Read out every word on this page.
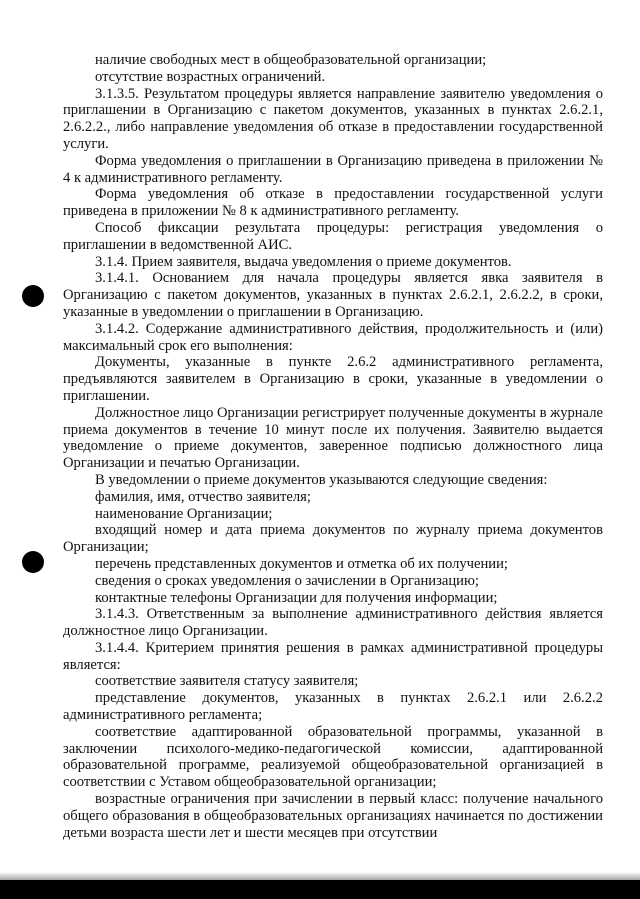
наличие свободных мест в общеобразовательной организации;

отсутствие возрастных ограничений.

3.1.3.5. Результатом процедуры является направление заявителю уведомления о приглашении в Организацию с пакетом документов, указанных в пунктах 2.6.2.1, 2.6.2.2., либо направление уведомления об отказе в предоставлении государственной услуги.

Форма уведомления о приглашении в Организацию приведена в приложении № 4 к административного регламенту.

Форма уведомления об отказе в предоставлении государственной услуги приведена в приложении № 8 к административного регламенту.

Способ фиксации результата процедуры: регистрация уведомления о приглашении в ведомственной АИС.

3.1.4. Прием заявителя, выдача уведомления о приеме документов.

3.1.4.1. Основанием для начала процедуры является явка заявителя в Организацию с пакетом документов, указанных в пунктах 2.6.2.1, 2.6.2.2, в сроки, указанные в уведомлении о приглашении в Организацию.

3.1.4.2. Содержание административного действия, продолжительность и (или) максимальный срок его выполнения:

Документы, указанные в пункте 2.6.2 административного регламента, предъявляются заявителем в Организацию в сроки, указанные в уведомлении о приглашении.

Должностное лицо Организации регистрирует полученные документы в журнале приема документов в течение 10 минут после их получения. Заявителю выдается уведомление о приеме документов, заверенное подписью должностного лица Организации и печатью Организации.

В уведомлении о приеме документов указываются следующие сведения:

фамилия, имя, отчество заявителя;

наименование Организации;

входящий номер и дата приема документов по журналу приема документов Организации;

перечень представленных документов и отметка об их получении;

сведения о сроках уведомления о зачислении в Организацию;

контактные телефоны Организации для получения информации;

3.1.4.3. Ответственным за выполнение административного действия является должностное лицо Организации.

3.1.4.4. Критерием принятия решения в рамках административной процедуры является:

соответствие заявителя статусу заявителя;

представление документов, указанных в пунктах 2.6.2.1 или 2.6.2.2 административного регламента;

соответствие адаптированной образовательной программы, указанной в заключении психолого-медико-педагогической комиссии, адаптированной образовательной программе, реализуемой общеобразовательной организацией в соответствии с Уставом общеобразовательной организации;

возрастные ограничения при зачислении в первый класс: получение начального общего образования в общеобразовательных организациях начинается по достижении детьми возраста шести лет и шести месяцев при отсутствии
